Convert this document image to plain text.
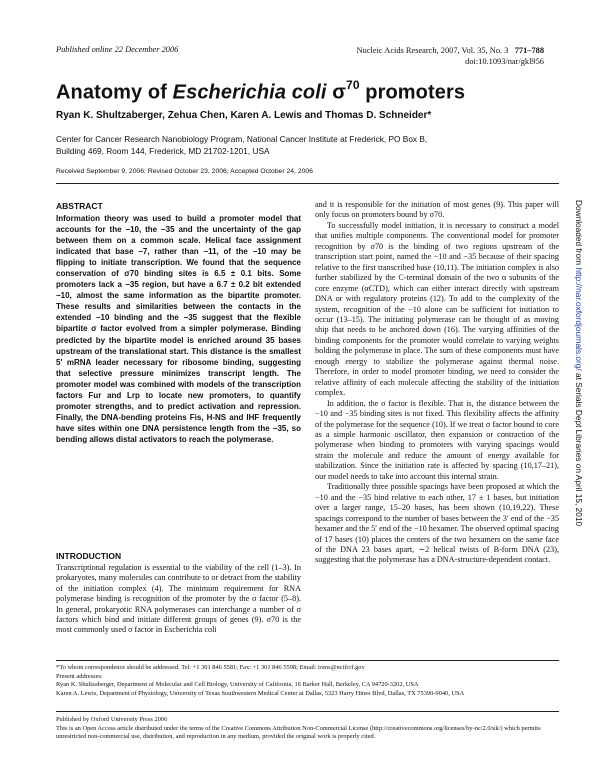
Published online 22 December 2006	Nucleic Acids Research, 2007, Vol. 35, No. 3 771–788
doi:10.1093/nar/gkl956
Anatomy of Escherichia coli $\sigma^{70}$ promoters
Ryan K. Shultzaberger, Zehua Chen, Karen A. Lewis and Thomas D. Schneider*
Center for Cancer Research Nanobiology Program, National Cancer Institute at Frederick, PO Box B,
Building 469, Room 144, Frederick, MD 21702-1201, USA
Received September 9, 2006; Revised October 23, 2006; Accepted October 24, 2006
ABSTRACT
Information theory was used to build a promoter model that accounts for the −10, the −35 and the uncertainty of the gap between them on a common scale. Helical face assignment indicated that base −7, rather than −11, of the −10 may be flipping to initiate transcription. We found that the sequence conservation of σ70 binding sites is 6.5 ± 0.1 bits. Some promoters lack a −35 region, but have a 6.7 ± 0.2 bit extended −10, almost the same information as the bipartite promoter. These results and similarities between the contacts in the extended −10 binding and the −35 suggest that the flexible bipartite σ factor evolved from a simpler polymerase. Binding predicted by the bipartite model is enriched around 35 bases upstream of the translational start. This distance is the smallest 5′ mRNA leader necessary for ribosome binding, suggesting that selective pressure minimizes transcript length. The promoter model was combined with models of the transcription factors Fur and Lrp to locate new promoters, to quantify promoter strengths, and to predict activation and repression. Finally, the DNA-bending proteins Fis, H-NS and IHF frequently have sites within one DNA persistence length from the −35, so bending allows distal activators to reach the polymerase.
INTRODUCTION

Transcriptional regulation is essential to the viability of the cell (1–3). In prokaryotes, many molecules can contribute to or detract from the stability of the initiation complex (4). The minimum requirement for RNA polymerase binding is recognition of the promoter by the σ factor (5–8). In general, prokaryotic RNA polymerases can interchange a number of σ factors which bind and initiate different groups of genes (9). σ70 is the most commonly used σ factor in Escherichia coli

and it is responsible for the initiation of most genes (9). This paper will only focus on promoters bound by σ70.

To successfully model initiation, it is necessary to construct a model that unifies multiple components. The conventional model for promoter recognition by σ70 is the binding of two regions upstream of the transcription start point, named the −10 and −35 because of their spacing relative to the first transcribed base (10,11). The initiation complex is also further stabilized by the C-terminal domain of the two α subunits of the core enzyme (αCTD), which can either interact directly with upstream DNA or with regulatory proteins (12). To add to the complexity of the system, recognition of the −10 alone can be sufficient for initiation to occur (13–15). The initiating polymerase can be thought of as moving ship that needs to be anchored down (16). The varying affinities of the binding components for the promoter would correlate to varying weights holding the polymerase in place. The sum of these components must have enough energy to stabilize the polymerase against thermal noise. Therefore, in order to model promoter binding, we need to consider the relative affinity of each molecule affecting the stability of the initiation complex.

In addition, the σ factor is flexible. That is, the distance between the −10 and −35 binding sites is not fixed. This flexibility affects the affinity of the polymerase for the sequence (10). If we treat σ factor bound to core as a simple harmonic oscillator, then expansion or contraction of the polymerase when binding to promoters with varying spacings would strain the molecule and reduce the amount of energy available for stabilization. Since the initiation rate is affected by spacing (10,17–21), our model needs to take into account this internal strain.

Traditionally three possible spacings have been proposed at which the −10 and the −35 bind relative to each other, 17 ± 1 bases, but initiation over a larger range, 15–20 bases, has been shown (10,19,22). These spacings correspond to the number of bases between the 3′ end of the −35 hexamer and the 5′ end of the −10 hexamer. The observed optimal spacing of 17 bases (10) places the centers of the two hexamers on the same face of the DNA 23 bases apart, ∼2 helical twists of B-form DNA (23), suggesting that the polymerase has a DNA-structure-dependent contact.

*To whom correspondence should be addressed. Tel: +1 301 846 5581; Fax: +1 301 846 5598; Email: toms@ncifcrf.gov
Present addresses:
Ryan K. Shultzaberger, Department of Molecular and Cell Biology, University of California, 16 Barker Hall, Berkeley, CA 94720-3202, USA
Karen A. Lewis, Department of Physiology, University of Texas Southwestern Medical Center at Dallas, 5323 Harry Hines Blvd, Dallas, TX 75390-9040, USA
Published by Oxford University Press 2006
This is an Open Access article distributed under the terms of the Creative Commons Attribution Non-Commercial License (http://creativecommons.org/licenses/by-nc/2.0/uk/) which permits unrestricted non-commercial use, distribution, and reproduction in any medium, provided the original work is properly cited.
Downloaded from http://nar.oxfordjournals.org/ at Serials Dept Libraries on April 15, 2010
